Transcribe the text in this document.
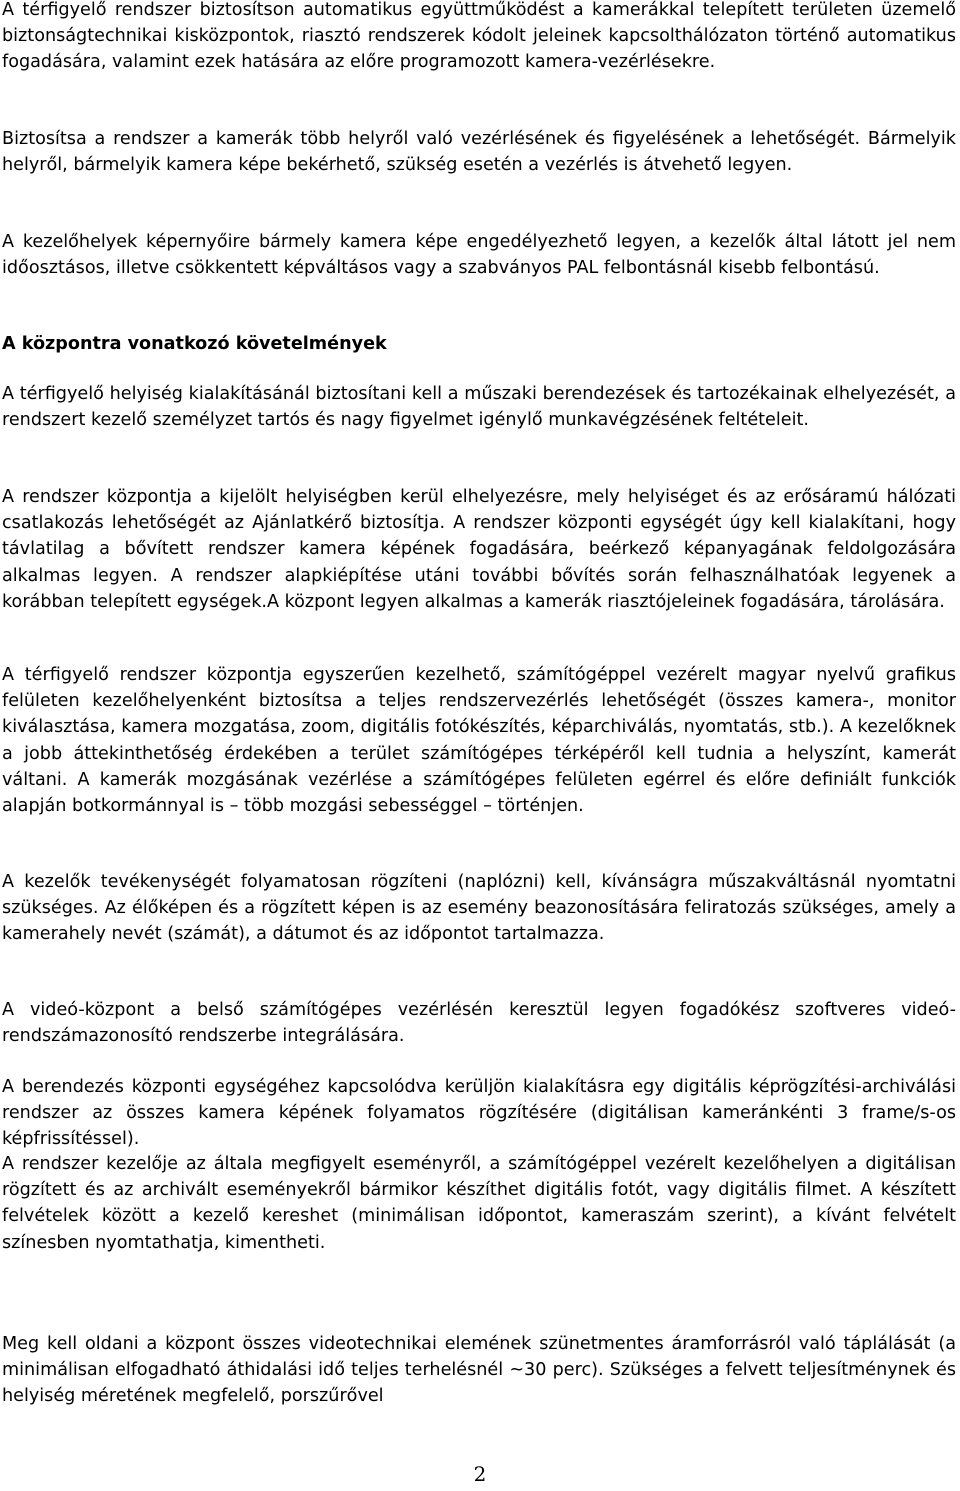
A térfigyelő rendszer biztosítson automatikus együttműködést a kamerákkal telepített területen üzemelő biztonságtechnikai kisközpontok, riasztó rendszerek kódolt jeleinek kapcsolthálózaton történő automatikus fogadására, valamint ezek hatására az előre programozott kamera-vezérlésekre.

Biztosítsa a rendszer a kamerák több helyről való vezérlésének és figyelésének a lehetőségét. Bármelyik helyről, bármelyik kamera képe bekérhető, szükség esetén a vezérlés is átvehető legyen.

A kezelőhelyek képernyőire bármely kamera képe engedélyezhető legyen, a kezelők által látott jel nem időosztásos, illetve csökkentett képváltásos vagy a szabványos PAL felbontásnál kisebb felbontású.

A központra vonatkozó követelmények

A térfigyelő helyiség kialakításánál biztosítani kell a műszaki berendezések és tartozékainak elhelyezését, a rendszert kezelő személyzet tartós és nagy figyelmet igénylő munkavégzésének feltételeit.

A rendszer központja a kijelölt helyiségben kerül elhelyezésre, mely helyiséget és az erősáramú hálózati csatlakozás lehetőségét az Ajánlatkérő biztosítja. A rendszer központi egységét úgy kell kialakítani, hogy távlatilag a bővített rendszer kamera képének fogadására, beérkező képanyagának feldolgozására alkalmas legyen. A rendszer alapkiépítése utáni további bővítés során felhasználhatóak legyenek a korábban telepített egységek.A központ legyen alkalmas a kamerák riasztójeleinek fogadására, tárolására.

A térfigyelő rendszer központja egyszerűen kezelhető, számítógéppel vezérelt magyar nyelvű grafikus felületen kezelőhelyenként biztosítsa a teljes rendszervezérlés lehetőségét (összes kamera-, monitor kiválasztása, kamera mozgatása, zoom, digitális fotókészítés, képarchiválás, nyomtatás, stb.). A kezelőknek a jobb áttekinthetőség érdekében a terület számítógépes térképéről kell tudnia a helyszínt, kamerát váltani. A kamerák mozgásának vezérlése a számítógépes felületen egérrel és előre definiált funkciók alapján botkormánnyal is – több mozgási sebességgel – történjen.

A kezelők tevékenységét folyamatosan rögzíteni (naplózni) kell, kívánságra műszakváltásnál nyomtatni szükséges. Az élőképen és a rögzített képen is az esemény beazonosítására feliratozás szükséges, amely a kamerahely nevét (számát), a dátumot és az időpontot tartalmazza.

A videó-központ a belső számítógépes vezérlésén keresztül legyen fogadókész szoftveres videó-rendszámazonosító rendszerbe integrálására.

A berendezés központi egységéhez kapcsolódva kerüljön kialakításra egy digitális képrögzítési-archiválási rendszer az összes kamera képének folyamatos rögzítésére (digitálisan kameránkénti 3 frame/s-os képfrissítéssel).

A rendszer kezelője az általa megfigyelt eseményről, a számítógéppel vezérelt kezelőhelyen a digitálisan rögzített és az archivált eseményekről bármikor készíthet digitális fotót, vagy digitális filmet. A készített felvételek között a kezelő kereshet (minimálisan időpontot, kameraszám szerint), a kívánt felvételt színesben nyomtathatja, kimentheti.

Meg kell oldani a központ összes videotechnikai elemének szünetmentes áramforrásról való táplálását (a minimálisan elfogadható áthidalási idő teljes terhelésnél ~30 perc). Szükséges a felvett teljesítménynek és helyiség méretének megfelelő, porszűrővel

2
